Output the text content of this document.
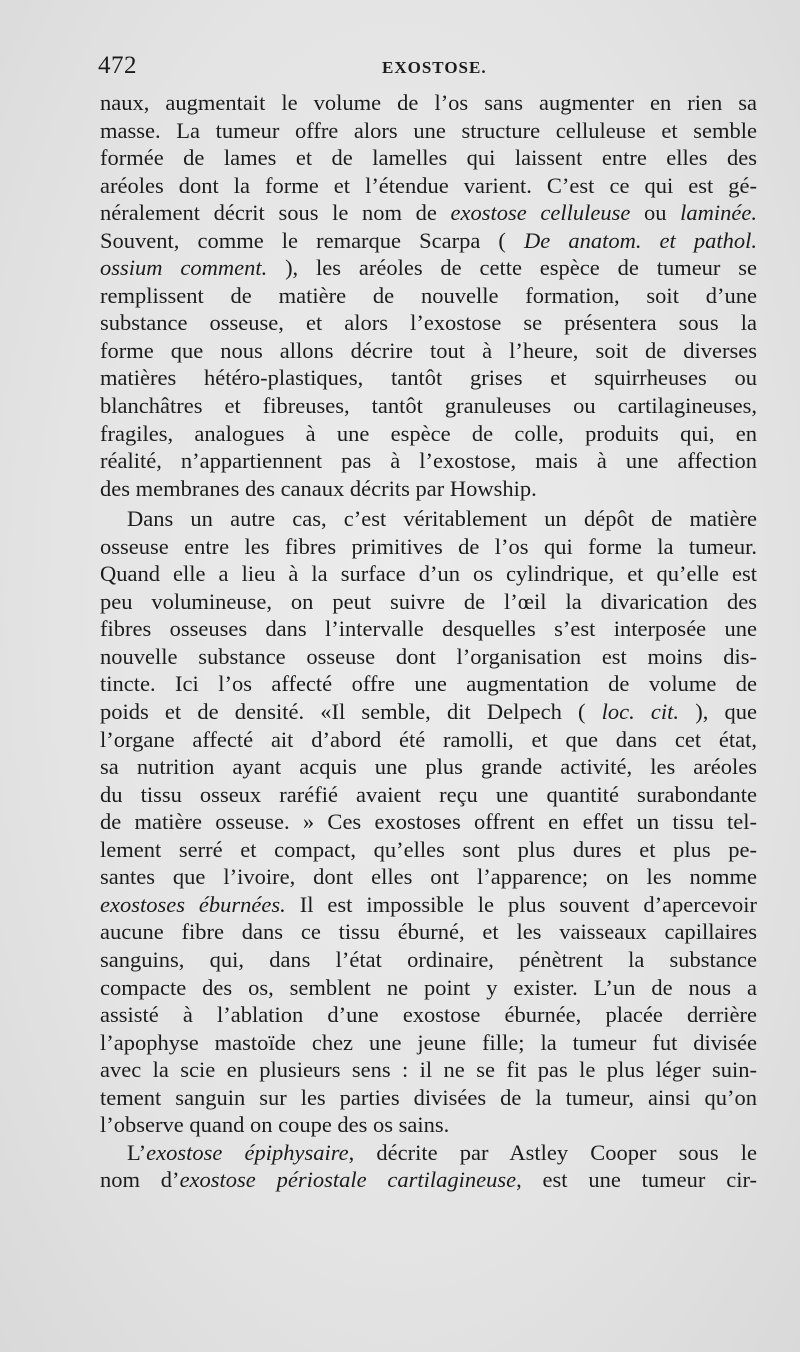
472	EXOSTOSE.
naux, augmentait le volume de l’os sans augmenter en rien sa
masse. La tumeur offre alors une structure celluleuse et semble
formée de lames et de lamelles qui laissent entre elles des
aréoles dont la forme et l’étendue varient. C’est ce qui est gé-
néralement décrit sous le nom de exostose celluleuse ou laminée.
Souvent, comme le remarque Scarpa ( De anatom. et pathol.
ossium comment. ), les aréoles de cette espèce de tumeur se
remplissent de matière de nouvelle formation, soit d’une
substance osseuse, et alors l’exostose se présentera sous la
forme que nous allons décrire tout à l’heure, soit de diverses
matières hétéro-plastiques, tantôt grises et squirrheuses ou
blanchâtres et fibreuses, tantôt granuleuses ou cartilagineuses,
fragiles, analogues à une espèce de colle, produits qui, en
réalité, n’appartiennent pas à l’exostose, mais à une affection
des membranes des canaux décrits par Howship.
Dans un autre cas, c’est véritablement un dépôt de matière
osseuse entre les fibres primitives de l’os qui forme la tumeur.
Quand elle a lieu à la surface d’un os cylindrique, et qu’elle est
peu volumineuse, on peut suivre de l’œil la divarication des
fibres osseuses dans l’intervalle desquelles s’est interposée une
nouvelle substance osseuse dont l’organisation est moins dis-
tincte. Ici l’os affecté offre une augmentation de volume de
poids et de densité. «Il semble, dit Delpech ( loc. cit. ), que
l’organe affecté ait d’abord été ramolli, et que dans cet état,
sa nutrition ayant acquis une plus grande activité, les aréoles
du tissu osseux raréfié avaient reçu une quantité surabondante
de matière osseuse. » Ces exostoses offrent en effet un tissu tel-
lement serré et compact, qu’elles sont plus dures et plus pe-
santes que l’ivoire, dont elles ont l’apparence; on les nomme
exostoses éburnées. Il est impossible le plus souvent d’apercevoir
aucune fibre dans ce tissu éburné, et les vaisseaux capillaires
sanguins, qui, dans l’état ordinaire, pénètrent la substance
compacte des os, semblent ne point y exister. L’un de nous a
assisté à l’ablation d’une exostose éburnée, placée derrière
l’apophyse mastoïde chez une jeune fille; la tumeur fut divisée
avec la scie en plusieurs sens : il ne se fit pas le plus léger suin-
tement sanguin sur les parties divisées de la tumeur, ainsi qu’on
l’observe quand on coupe des os sains.
L’exostose épiphysaire, décrite par Astley Cooper sous le
nom d’exostose périostale cartilagineuse, est une tumeur cir-
